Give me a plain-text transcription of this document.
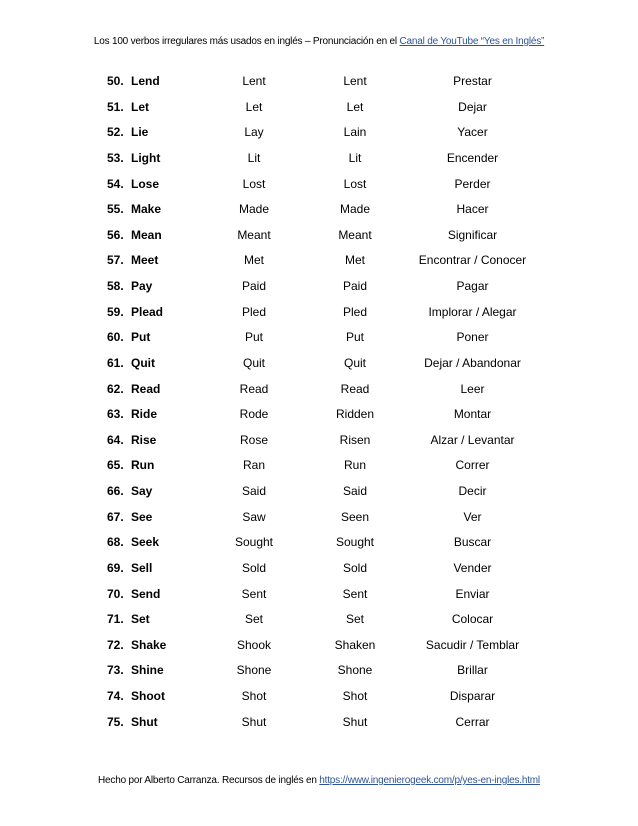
Los 100 verbos irregulares más usados en inglés – Pronunciación en el Canal de YouTube “Yes en Inglés”
50. Lend	Lent	Lent	Prestar
51. Let	Let	Let	Dejar
52. Lie	Lay	Lain	Yacer
53. Light	Lit	Lit	Encender
54. Lose	Lost	Lost	Perder
55. Make	Made	Made	Hacer
56. Mean	Meant	Meant	Significar
57. Meet	Met	Met	Encontrar / Conocer
58. Pay	Paid	Paid	Pagar
59. Plead	Pled	Pled	Implorar / Alegar
60. Put	Put	Put	Poner
61. Quit	Quit	Quit	Dejar / Abandonar
62. Read	Read	Read	Leer
63. Ride	Rode	Ridden	Montar
64. Rise	Rose	Risen	Alzar / Levantar
65. Run	Ran	Run	Correr
66. Say	Said	Said	Decir
67. See	Saw	Seen	Ver
68. Seek	Sought	Sought	Buscar
69. Sell	Sold	Sold	Vender
70. Send	Sent	Sent	Enviar
71. Set	Set	Set	Colocar
72. Shake	Shook	Shaken	Sacudir / Temblar
73. Shine	Shone	Shone	Brillar
74. Shoot	Shot	Shot	Disparar
75. Shut	Shut	Shut	Cerrar
Hecho por Alberto Carranza. Recursos de inglés en https://www.ingenierogeek.com/p/yes-en-ingles.html
